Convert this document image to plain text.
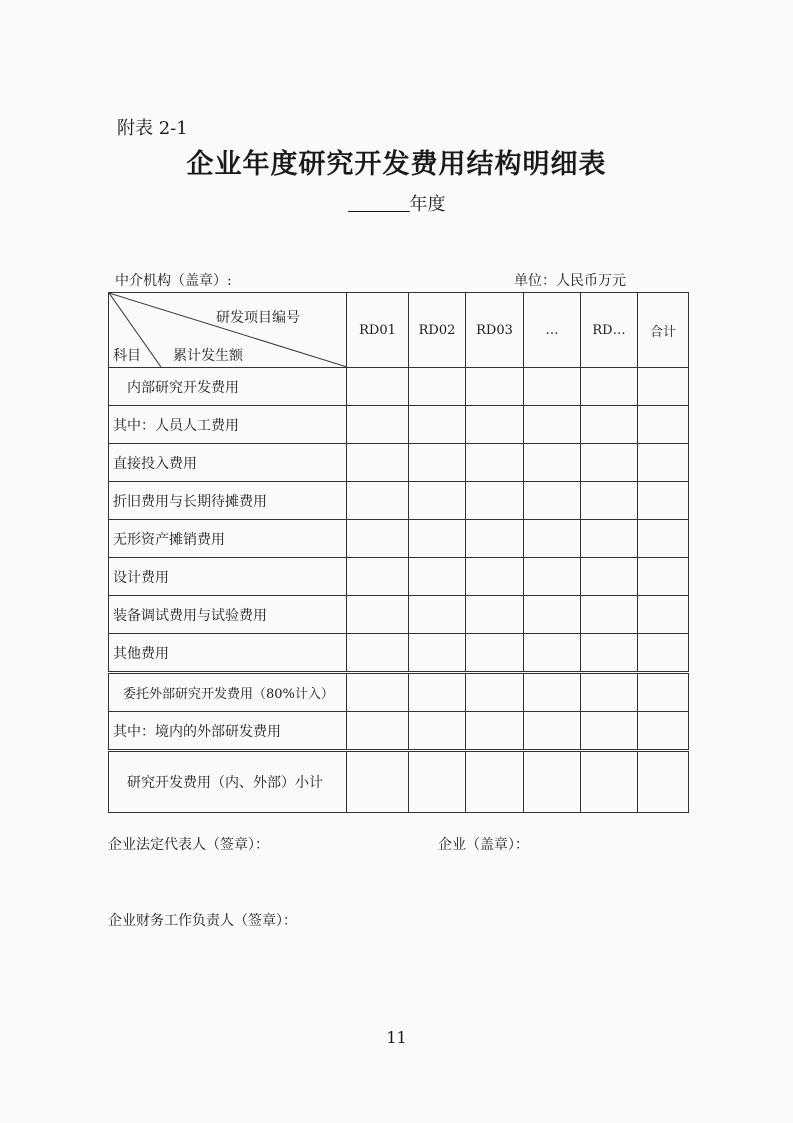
附表 2-1
企业年度研究开发费用结构明细表
年度
中介机构（盖章）:	单位：人民币万元
研发项目编号
科目 累计发生额	RD01	RD02	RD03	…	RD…	合计
内部研究开发费用						
其中：人员人工费用						
直接投入费用						
折旧费用与长期待摊费用						
无形资产摊销费用						
设计费用						
装备调试费用与试验费用						
其他费用						
委托外部研究开发费用（80%计入）						
其中：境内的外部研发费用						
研究开发费用（内、外部）小计						
企业法定代表人（签章）：	企业（盖章）：
企业财务工作负责人（签章）：
11
